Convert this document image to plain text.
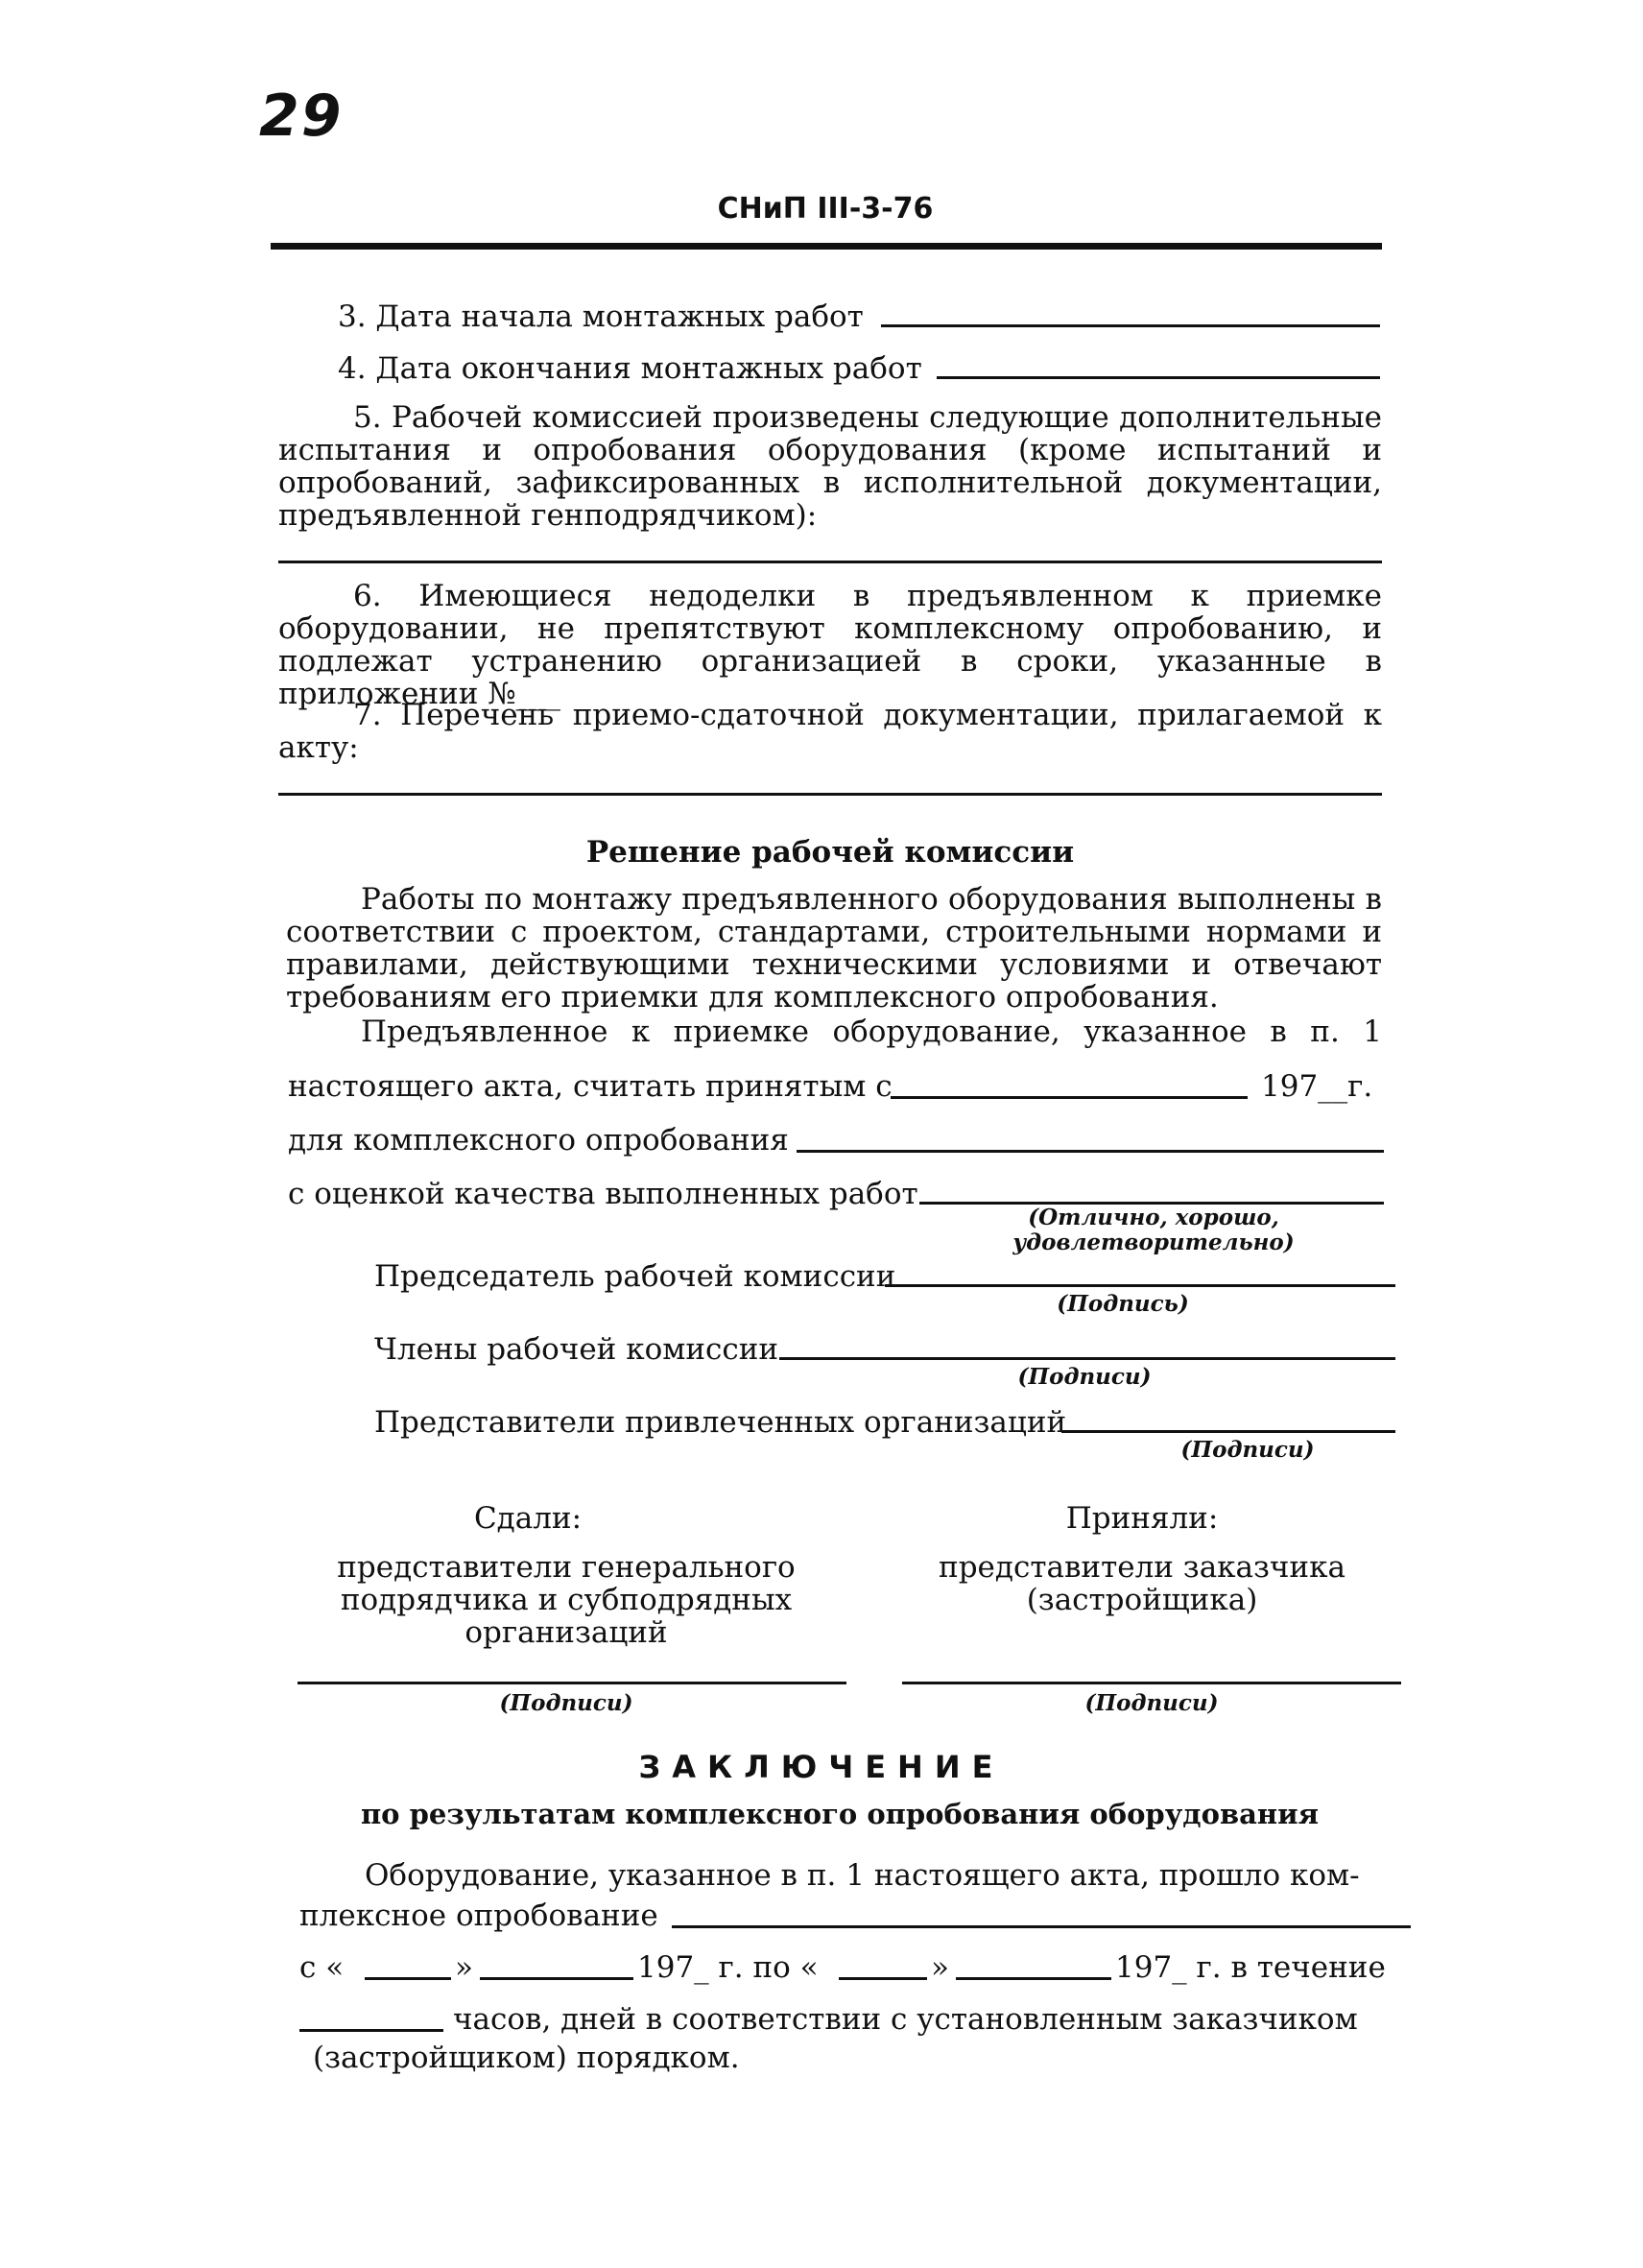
29
СНиП III-3-76
3. Дата начала монтажных работ
4. Дата окончания монтажных работ
5. Рабочей комиссией произведены следующие дополнительные испытания и опробования оборудования (кроме испытаний и опробований, зафиксированных в исполнительной документации, предъявленной генподрядчиком):
6. Имеющиеся недоделки в предъявленном к приемке оборудовании, не препятствуют комплексному опробованию, и подлежат устранению организацией в сроки, указанные в приложении №___
7. Перечень приемо-сдаточной документации, прилагаемой к акту:
Решение рабочей комиссии
Работы по монтажу предъявленного оборудования выполнены в соответствии с проектом, стандартами, строительными нормами и правилами, действующими техническими условиями и отвечают требованиям его приемки для комплексного опробования.
Предъявленное к приемке оборудование, указанное в п. 1
настоящего акта, считать принятым с	197__г.
для комплексного опробования
с оценкой качества выполненных работ
(Отлично, хорошо, удовлетворительно)
Председатель рабочей комиссии
(Подпись)
Члены рабочей комиссии
(Подписи)
Представители привлеченных организаций
(Подписи)
Сдали:
представители генерального подрядчика и субподрядных организаций
(Подписи)
Приняли:
представители заказчика (застройщика)
(Подписи)
ЗАКЛЮЧЕНИЕ
по результатам комплексного опробования оборудования
Оборудование, указанное в п. 1 настоящего акта, прошло ком-
плексное опробование
с «	»	197_ г. по «	»	197_ г. в течение
часов, дней в соответствии с установленным заказчиком
(застройщиком) порядком.
